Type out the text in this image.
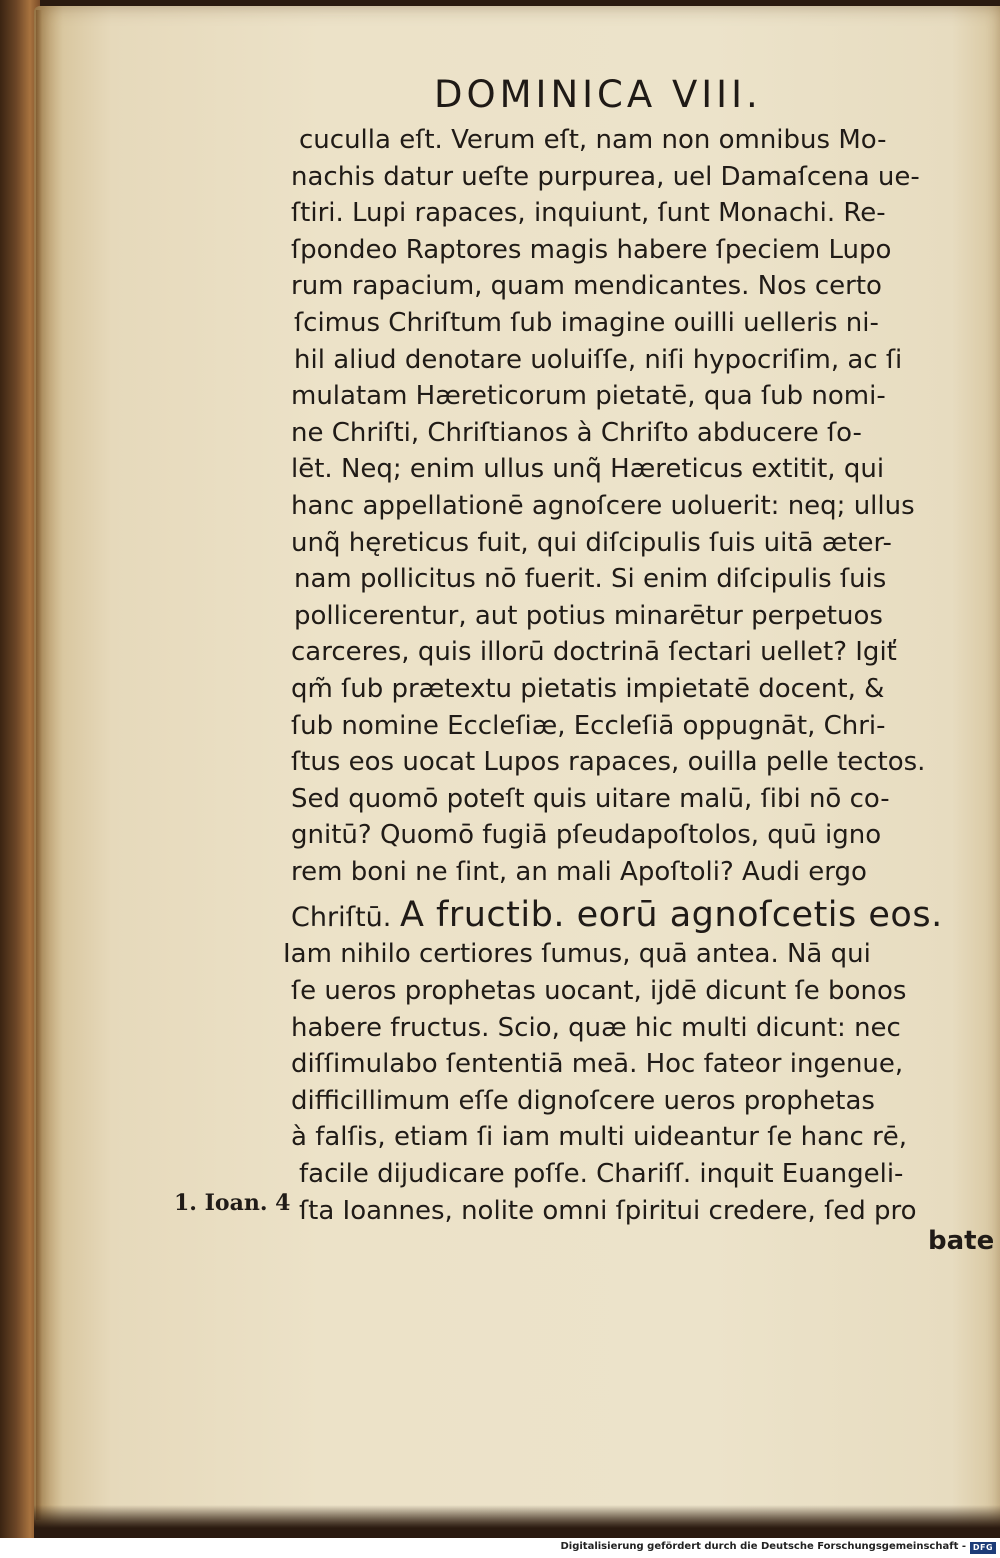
DOMINICA VIII.
cuculla eſt. Verum eſt, nam non omnibus Mo-
nachis datur ueſte purpurea, uel Damaſcena ue-
ſtiri. Lupi rapaces, inquiunt, ſunt Monachi. Re-
ſpondeo Raptores magis habere ſpeciem Lupo
rum rapacium, quam mendicantes. Nos certo
ſcimus Chriſtum ſub imagine ouilli uelleris ni-
hil aliud denotare uoluiſſe, niſi hypocriſim, ac ſi
mulatam Hæreticorum pietatē, qua ſub nomi-
ne Chriſti, Chriſtianos à Chriſto abducere ſo-
lēt. Neq; enim ullus unq̃ Hæreticus extitit, qui
hanc appellationē agnoſcere uoluerit: neq; ullus
unq̃ hęreticus fuit, qui diſcipulis ſuis uitā æter-
nam pollicitus nō fuerit. Si enim diſcipulis ſuis
pollicerentur, aut potius minarētur perpetuos
carceres, quis illorū doctrinā ſectari uellet? Igiť
qm̃ ſub prætextu pietatis impietatē docent, &
ſub nomine Eccleſiæ, Eccleſiā oppugnāt, Chri-
ſtus eos uocat Lupos rapaces, ouilla pelle tectos.
Sed quomō poteſt quis uitare malū, ſibi nō co-
gnitū? Quomō fugiā pſeudapoſtolos, quū igno
rem boni ne ſint, an mali Apoſtoli? Audi ergo
Chriſtū. A fructib. eorū agnoſcetis eos.
Iam nihilo certiores ſumus, quā antea. Nā qui
ſe ueros prophetas uocant, ijdē dicunt ſe bonos
habere fructus. Scio, quæ hic multi dicunt: nec
diſſimulabo ſententiā meā. Hoc fateor ingenue,
difficillimum eſſe dignoſcere ueros prophetas
à falſis, etiam ſi iam multi uideantur ſe hanc rē,
facile dijudicare poſſe. Chariſſ. inquit Euangeli-
ſta Ioannes, nolite omni ſpiritui credere, ſed pro
1. Ioan. 4
bate
Digitalisierung gefördert durch die Deutsche Forschungsgemeinschaft - DFG
